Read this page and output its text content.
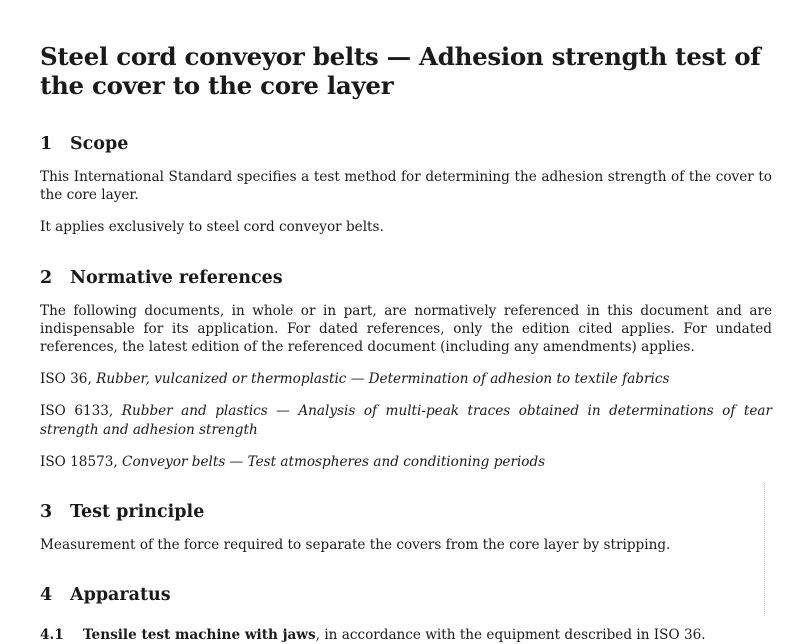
Steel cord conveyor belts — Adhesion strength test of the cover to the core layer
1	Scope

This International Standard specifies a test method for determining the adhesion strength of the cover to the core layer.

It applies exclusively to steel cord conveyor belts.

2	Normative references

The following documents, in whole or in part, are normatively referenced in this document and are indispensable for its application. For dated references, only the edition cited applies. For undated references, the latest edition of the referenced document (including any amendments) applies.

ISO 36, Rubber, vulcanized or thermoplastic — Determination of adhesion to textile fabrics

ISO 6133, Rubber and plastics — Analysis of multi-peak traces obtained in determinations of tear strength and adhesion strength

ISO 18573, Conveyor belts — Test atmospheres and conditioning periods

3	Test principle

Measurement of the force required to separate the covers from the core layer by stripping.

4	Apparatus
4.1	Tensile test machine with jaws, in accordance with the equipment described in ISO 36.
